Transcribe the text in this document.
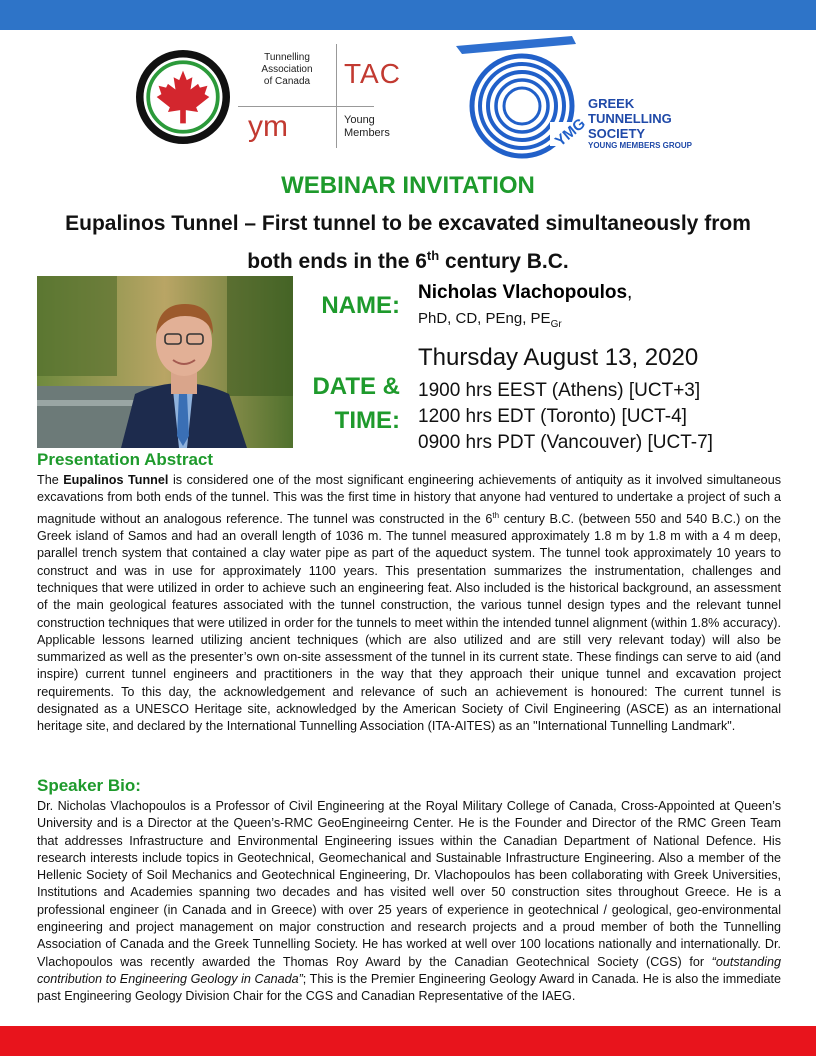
Tunnelling
Association
of Canada	TAC
ym	Young
Members	YMG
GREEK
TUNNELLING
SOCIETY
YOUNG MEMBERS GROUP
WEBINAR INVITATION
Eupalinos Tunnel – First tunnel to be excavated simultaneously from
both ends in the 6th century B.C.
NAME: Nicholas Vlachopoulos,
PhD, CD, PEng, $PE_{Gr}$
DATE &
TIME:
Thursday August 13, 2020
1900 hrs EEST (Athens) [UCT+3]
1200 hrs EDT (Toronto) [UCT-4]
0900 hrs PDT (Vancouver) [UCT-7]
Presentation Abstract

The Eupalinos Tunnel is considered one of the most significant engineering achievements of antiquity as it involved simultaneous excavations from both ends of the tunnel. This was the first time in history that anyone had ventured to undertake a project of such a magnitude without an analogous reference. The tunnel was constructed in the 6th century B.C. (between 550 and 540 B.C.) on the Greek island of Samos and had an overall length of 1036 m. The tunnel measured approximately 1.8 m by 1.8 m with a 4 m deep, parallel trench system that contained a clay water pipe as part of the aqueduct system. The tunnel took approximately 10 years to construct and was in use for approximately 1100 years. This presentation summarizes the instrumentation, challenges and techniques that were utilized in order to achieve such an engineering feat. Also included is the historical background, an assessment of the main geological features associated with the tunnel construction, the various tunnel design types and the relevant tunnel construction techniques that were utilized in order for the tunnels to meet within the intended tunnel alignment (within 1.8% accuracy). Applicable lessons learned utilizing ancient techniques (which are also utilized and are still very relevant today) will also be summarized as well as the presenter’s own on-site assessment of the tunnel in its current state. These findings can serve to aid (and inspire) current tunnel engineers and practitioners in the way that they approach their unique tunnel and excavation project requirements. To this day, the acknowledgement and relevance of such an achievement is honoured: The current tunnel is designated as a UNESCO Heritage site, acknowledged by the American Society of Civil Engineering (ASCE) as an international heritage site, and declared by the International Tunnelling Association (ITA-AITES) as an "International Tunnelling Landmark".

Speaker Bio:

Dr. Nicholas Vlachopoulos is a Professor of Civil Engineering at the Royal Military College of Canada, Cross-Appointed at Queen’s University and is a Director at the Queen’s-RMC GeoEngineeirng Center. He is the Founder and Director of the RMC Green Team that addresses Infrastructure and Environmental Engineering issues within the Canadian Department of National Defence. His research interests include topics in Geotechnical, Geomechanical and Sustainable Infrastructure Engineering. Also a member of the Hellenic Society of Soil Mechanics and Geotechnical Engineering, Dr. Vlachopoulos has been collaborating with Greek Universities, Institutions and Academies spanning two decades and has visited well over 50 construction sites throughout Greece. He is a professional engineer (in Canada and in Greece) with over 25 years of experience in geotechnical / geological, geo-environmental engineering and project management on major construction and research projects and a proud member of both the Tunnelling Association of Canada and the Greek Tunnelling Society. He has worked at well over 100 locations nationally and internationally. Dr. Vlachopoulos was recently awarded the Thomas Roy Award by the Canadian Geotechnical Society (CGS) for “outstanding contribution to Engineering Geology in Canada”; This is the Premier Engineering Geology Award in Canada. He is also the immediate past Engineering Geology Division Chair for the CGS and Canadian Representative of the IAEG.
